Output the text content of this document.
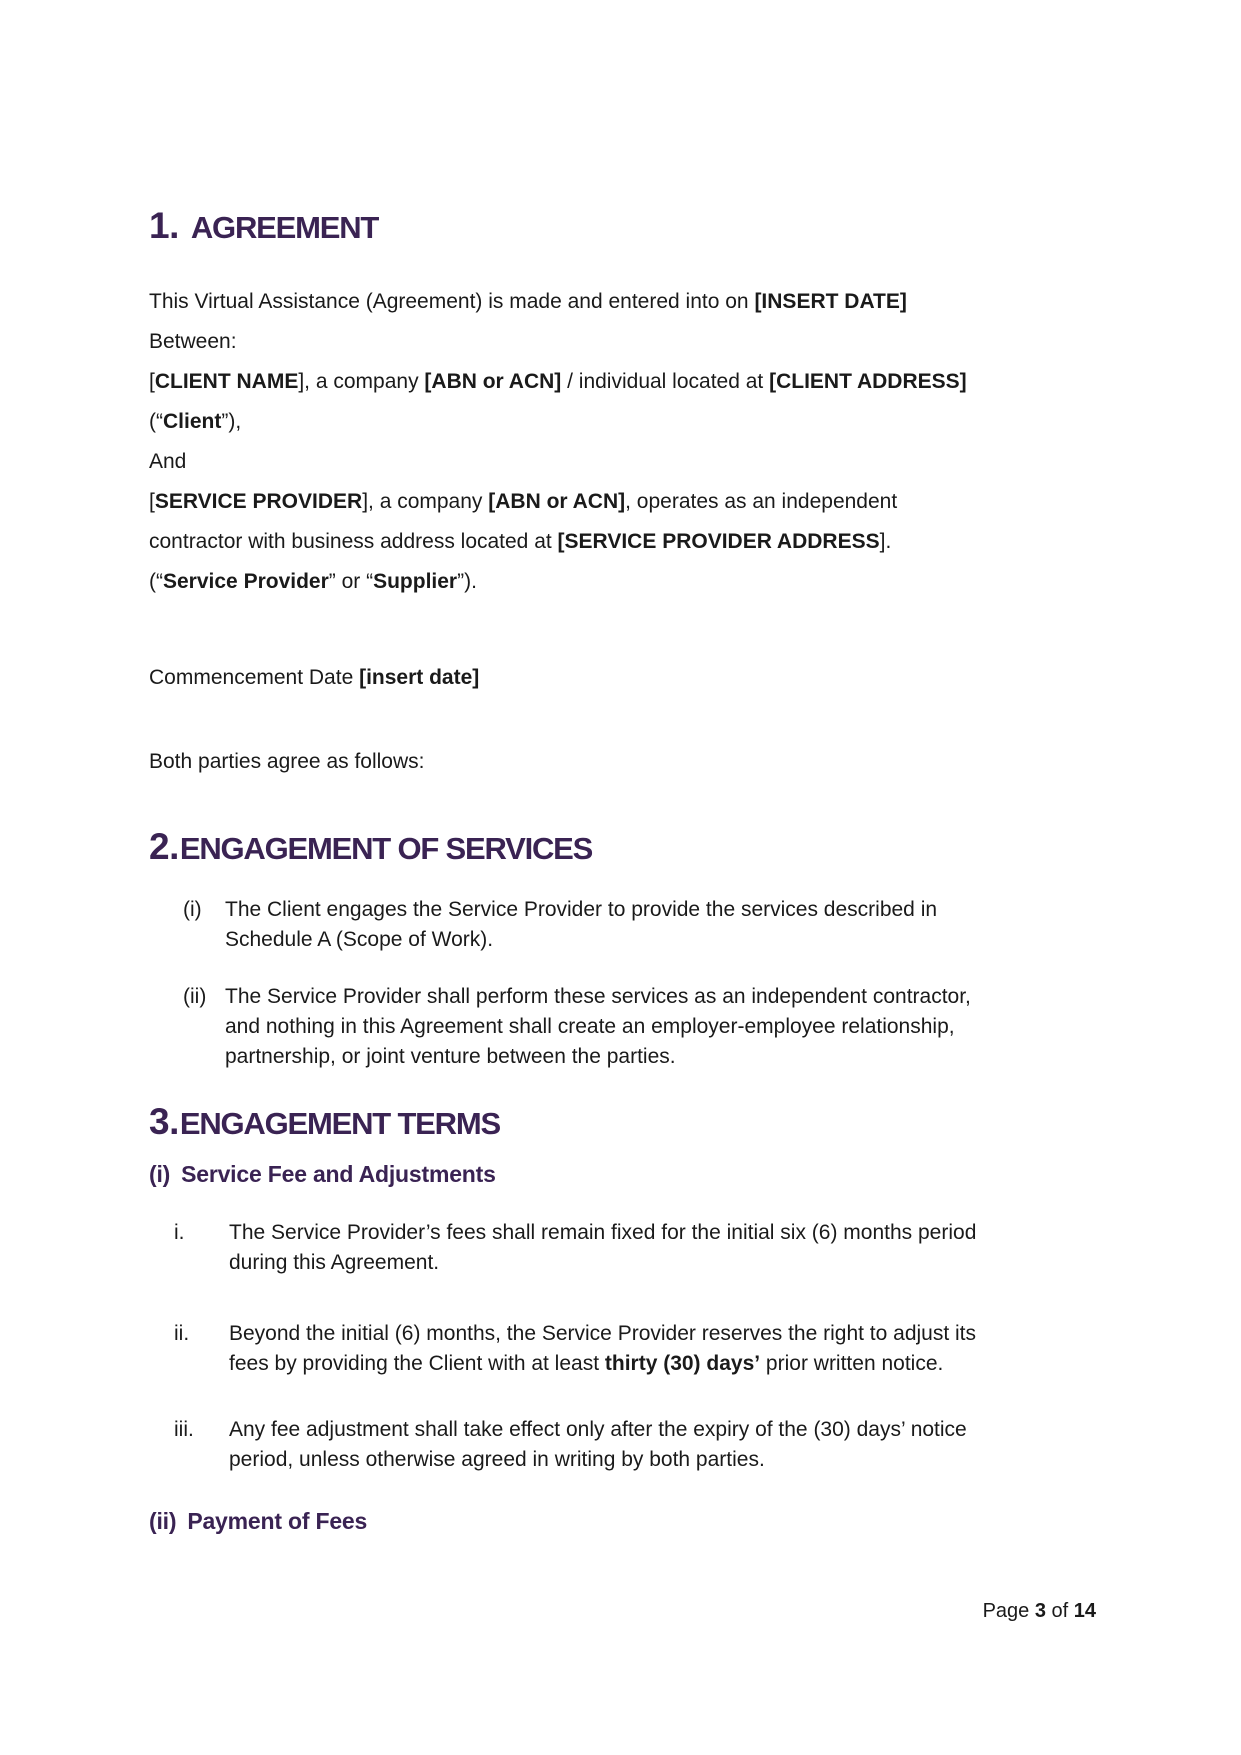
1. AGREEMENT
This Virtual Assistance (Agreement) is made and entered into on [INSERT DATE]
Between:
[CLIENT NAME], a company [ABN or ACN] / individual located at [CLIENT ADDRESS]
(“Client”),
And
[SERVICE PROVIDER], a company [ABN or ACN], operates as an independent
contractor with business address located at [SERVICE PROVIDER ADDRESS].
(“Service Provider” or “Supplier”).
Commencement Date [insert date]
Both parties agree as follows:
2.ENGAGEMENT OF SERVICES
(i) The Client engages the Service Provider to provide the services described in
Schedule A (Scope of Work).
(ii) The Service Provider shall perform these services as an independent contractor,
and nothing in this Agreement shall create an employer-employee relationship,
partnership, or joint venture between the parties.
3.ENGAGEMENT TERMS
(i) Service Fee and Adjustments
i. The Service Provider’s fees shall remain fixed for the initial six (6) months period
during this Agreement.
ii. Beyond the initial (6) months, the Service Provider reserves the right to adjust its
fees by providing the Client with at least thirty (30) days’ prior written notice.
iii. Any fee adjustment shall take effect only after the expiry of the (30) days’ notice
period, unless otherwise agreed in writing by both parties.
(ii) Payment of Fees
Page 3 of 14
